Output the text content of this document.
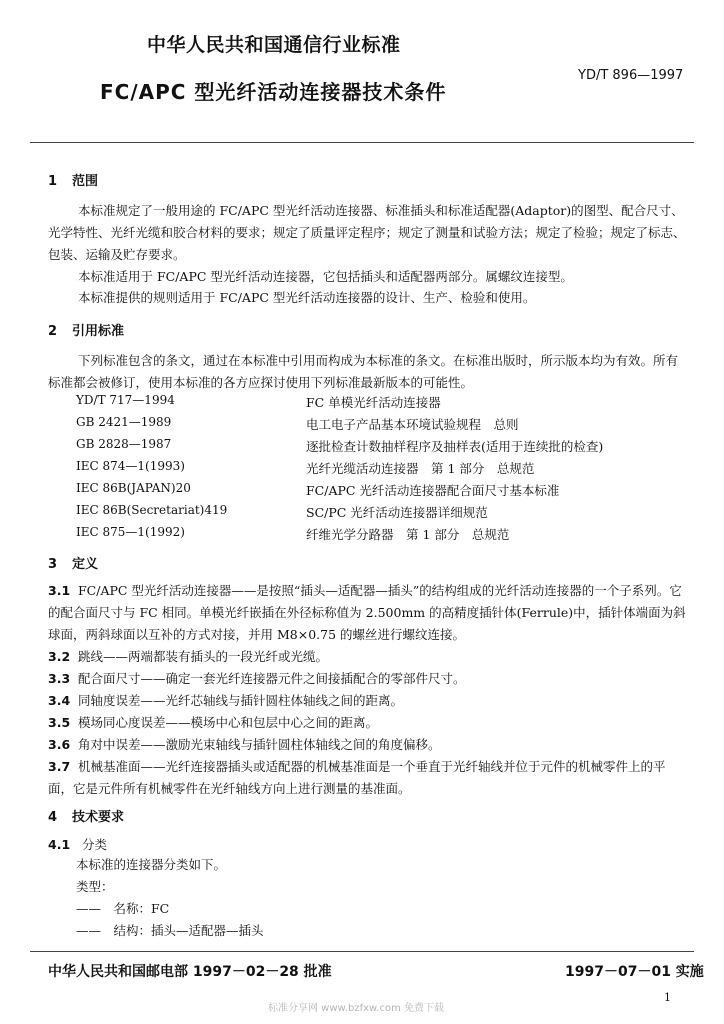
中华人民共和国通信行业标准
YD/T 896—1997
FC/APC 型光纤活动连接器技术条件
1 范围
本标准规定了一般用途的 FC/APC 型光纤活动连接器、标准插头和标准适配器(Adaptor)的图型、配合尺寸、光学特性、光纤光缆和胶合材料的要求；规定了质量评定程序；规定了测量和试验方法；规定了检验；规定了标志、包装、运输及贮存要求。
本标准适用于 FC/APC 型光纤活动连接器，它包括插头和适配器两部分。属螺纹连接型。
本标准提供的规则适用于 FC/APC 型光纤活动连接器的设计、生产、检验和使用。
2 引用标准
下列标准包含的条文，通过在本标准中引用而构成为本标准的条文。在标准出版时，所示版本均为有效。所有标准都会被修订，使用本标准的各方应探讨使用下列标准最新版本的可能性。
YD/T 717—1994	FC 单模光纤活动连接器
GB 2421—1989	电工电子产品基本环境试验规程　总则
GB 2828—1987	逐批检查计数抽样程序及抽样表(适用于连续批的检查)
IEC 874—1(1993)	光纤光缆活动连接器　第 1 部分　总规范
IEC 86B(JAPAN)20	FC/APC 光纤活动连接器配合面尺寸基本标准
IEC 86B(Secretariat)419	SC/PC 光纤活动连接器详细规范
IEC 875—1(1992)	纤维光学分路器　第 1 部分　总规范
3 定义
3.1 FC/APC 型光纤活动连接器——是按照“插头—适配器—插头”的结构组成的光纤活动连接器的一个子系列。它的配合面尺寸与 FC 相同。单模光纤嵌插在外径标称值为 2.500mm 的高精度插针体(Ferrule)中，插针体端面为斜球面，两斜球面以互补的方式对接，并用 M8×0.75 的螺丝进行螺纹连接。
3.2 跳线——两端都装有插头的一段光纤或光缆。
3.3 配合面尺寸——确定一套光纤连接器元件之间接插配合的零部件尺寸。
3.4 同轴度误差——光纤芯轴线与插针圆柱体轴线之间的距离。
3.5 模场同心度误差——模场中心和包层中心之间的距离。
3.6 角对中误差——激励光束轴线与插针圆柱体轴线之间的角度偏移。
3.7 机械基准面——光纤连接器插头或适配器的机械基准面是一个垂直于光纤轴线并位于元件的机械零件上的平面，它是元件所有机械零件在光纤轴线方向上进行测量的基准面。
4 技术要求
4.1 分类
本标准的连接器分类如下。
类型：
——　名称：FC
——　结构：插头—适配器—插头
中华人民共和国邮电部 1997－02－28 批准	1997－07－01 实施
1
标准分享网 www.bzfxw.com 免费下载
